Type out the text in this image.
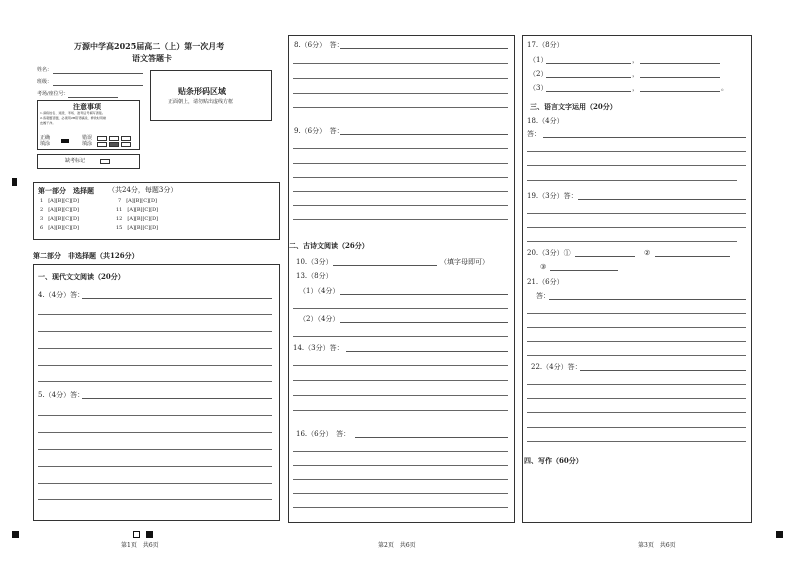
万源中学高2025届高二（上）第一次月考
语文答题卡
姓名：
班级：
考场/座位号：	贴条形码区域
正面朝上，请勿贴出虚线方框
注意事项
1.请将姓名、班级、考场、准考证号填写清楚。
2.客观题答题，必须用2B铅笔填涂，修改时用橡
皮擦干净。
正确填涂
错误填涂
缺考标记
第一部分　选择题 （共24分，每题3分）
1　 [A][B][C][D]
2　 [A][B][C][D]
3　 [A][B][C][D]
6　 [A][B][C][D]
7　 [A][B][C][D]
11　 [A][B][C][D]
12　 [A][B][C][D]
15　 [A][B][C][D]
第二部分　非选择题（共126分）
一、现代文文阅读（20分）
4.（4分）答：
5.（4分）答：
第1页　共6页
8.（6分）　答：
9.（6分）　答：
二、古诗文阅读（26分）
10.（3分）	（填字母即可）
13.（8分）
（1）（4分）
（2）（4分）
14.（3分）答：
16.（6分）　答：
第2页　共6页
17.（8分）
（1）	，
（2）	，
（3）	，	。
三、语言文字运用（20分）
18.（4分）
答：
19.（3分）答：
20.（3分）①	②
③
21.（6分）
答：
22.（4分）答：
四、写作（60分）
第3页　共6页
